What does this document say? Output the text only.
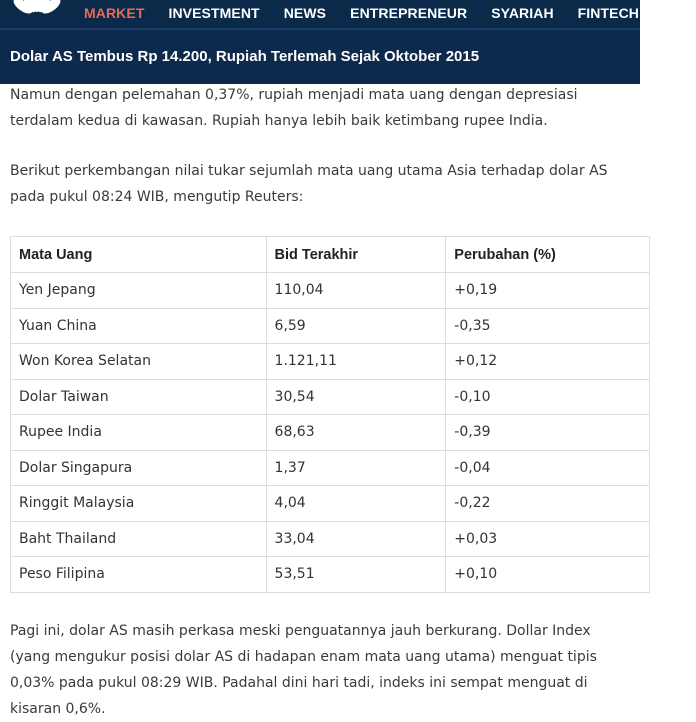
MARKET INVESTMENT NEWS ENTREPRENEUR SYARIAH FINTECH L
Dolar AS Tembus Rp 14.200, Rupiah Terlemah Sejak Oktober 2015

Namun dengan pelemahan 0,37%, rupiah menjadi mata uang dengan depresiasi terdalam kedua di kawasan. Rupiah hanya lebih baik ketimbang rupee India.

Berikut perkembangan nilai tukar sejumlah mata uang utama Asia terhadap dolar AS pada pukul 08:24 WIB, mengutip Reuters:

Mata Uang	Bid Terakhir	Perubahan (%)
Yen Jepang	110,04	+0,19
Yuan China	6,59	-0,35
Won Korea Selatan	1.121,11	+0,12
Dolar Taiwan	30,54	-0,10
Rupee India	68,63	-0,39
Dolar Singapura	1,37	-0,04
Ringgit Malaysia	4,04	-0,22
Baht Thailand	33,04	+0,03
Peso Filipina	53,51	+0,10

Pagi ini, dolar AS masih perkasa meski penguatannya jauh berkurang. Dollar Index (yang mengukur posisi dolar AS di hadapan enam mata uang utama) menguat tipis 0,03% pada pukul 08:29 WIB. Padahal dini hari tadi, indeks ini sempat menguat di kisaran 0,6%.
